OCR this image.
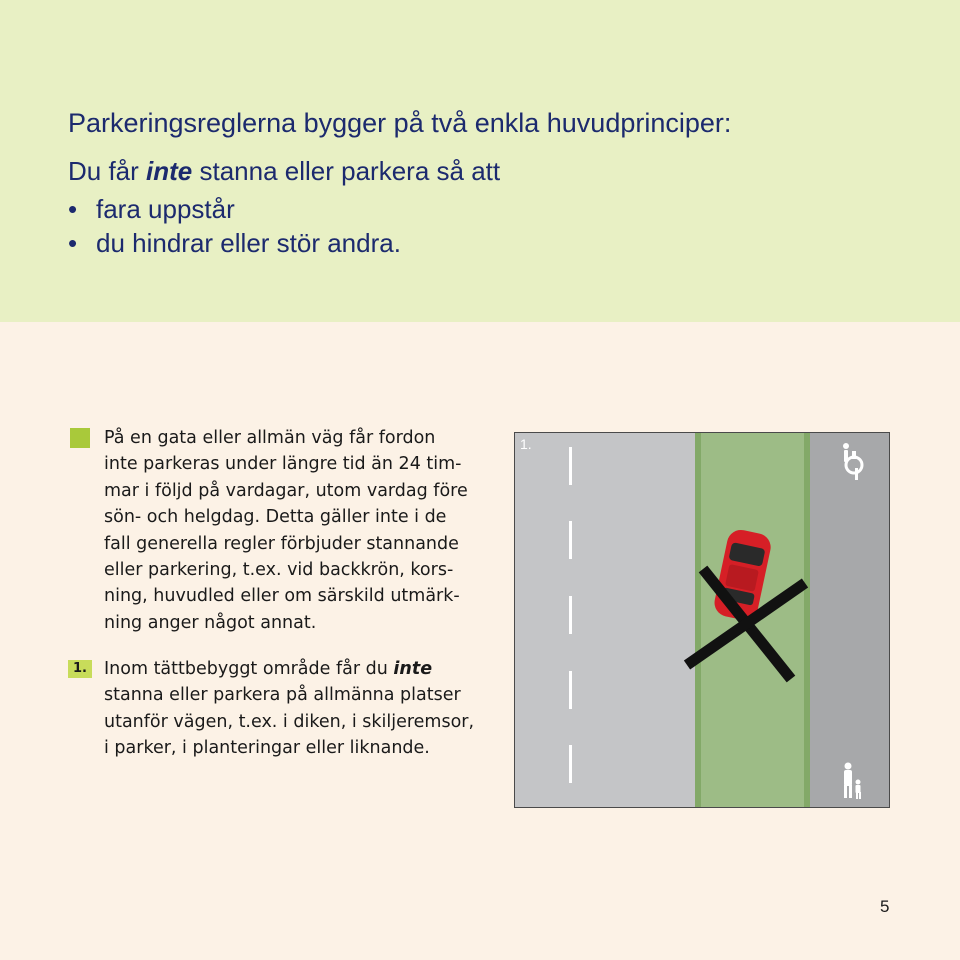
Parkeringsreglerna bygger på två enkla huvudprinciper:
Du får inte stanna eller parkera så att
• fara uppstår
• du hindrar eller stör andra.
På en gata eller allmän väg får fordon
inte parkeras under längre tid än 24 tim-
mar i följd på vardagar, utom vardag före
sön- och helgdag. Detta gäller inte i de
fall generella regler förbjuder stannande
eller parkering, t.ex. vid backkrön, kors-
ning, huvudled eller om särskild utmärk-
ning anger något annat.
1. Inom tättbebyggt område får du inte
stanna eller parkera på allmänna platser
utanför vägen, t.ex. i diken, i skiljeremsor,
i parker, i planteringar eller liknande.
1.
5
